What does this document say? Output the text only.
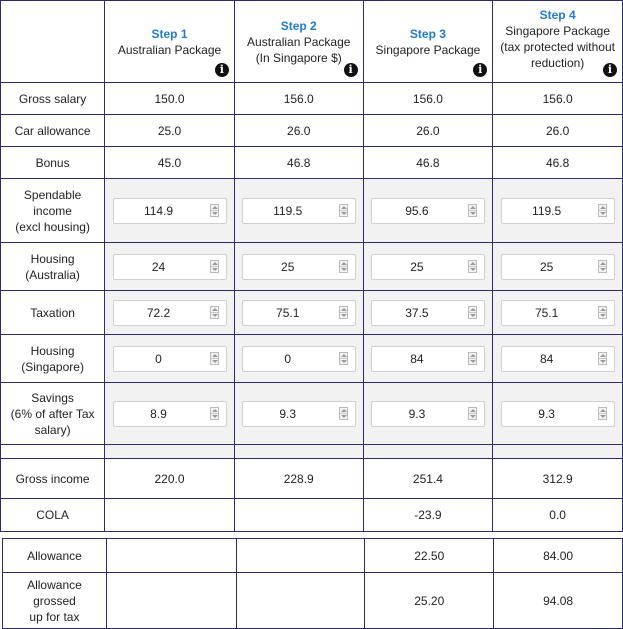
	Step 1
Australian Package
i	Step 2
Australian Package
(In Singapore $)
i	Step 3
Singapore Package
i	Step 4
Singapore Package
(tax protected without reduction) i

Gross salary	150.0	156.0	156.0	156.0
Car allowance	25.0	26.0	26.0	26.0
Bonus	45.0	46.8	46.8	46.8

Spendable
income
(excl housing)	114.9	119.5	95.6	119.5

Housing
(Australia)	24	25	25	25

Taxation	72.2	75.1	37.5	75.1

Housing
(Singapore)	0	0	84	84

Savings
(6% of after Tax
salary)	8.9	9.3	9.3	9.3

Gross income	220.0	228.9	251.4	312.9
COLA			-23.9	0.0
Allowance			22.50	84.00

Allowance
grossed
up for tax			25.20	94.08
